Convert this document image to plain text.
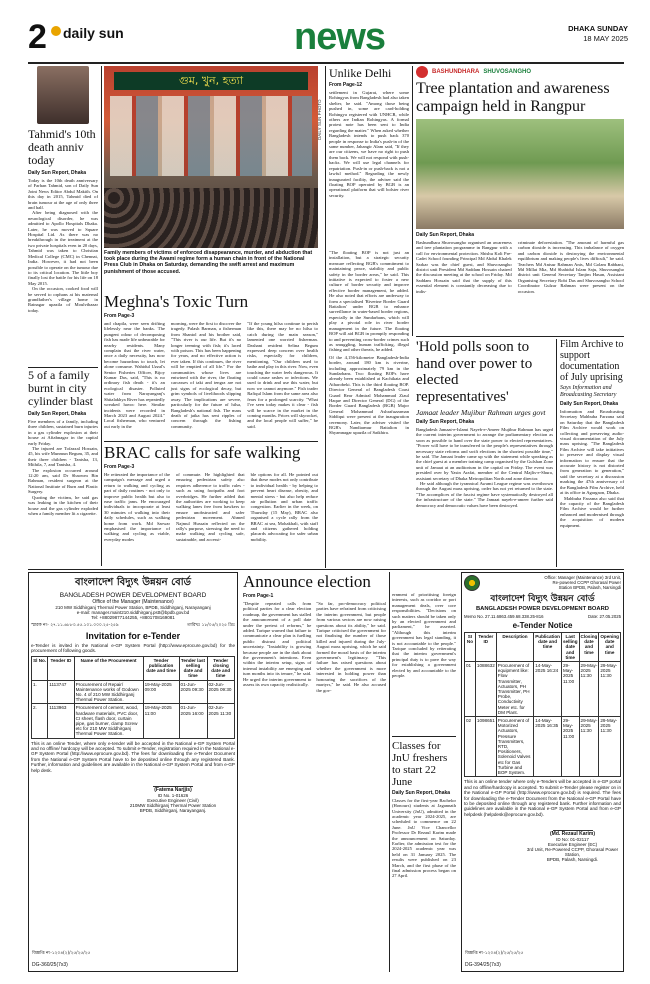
2 daily sun	news	DHAKA SUNDAY
18 MAY 2025
Tahmid's 10th death anniv today
Daily Sun Report, Dhaka

Today is the 10th death anniversary of Farhan Tahmid, son of Daily Sun Joint News Editor Abdul Makith. On this day in 2015, Tahmid died of brain tumour at the age of only three and half.

After being diagnosed with the neurological disorder, he was admitted to Apollo Hospitals Dhaka. Later, he was moved to Square Hospital Ltd. As there was no breakthrough in the treatment at the two private hospitals even in 20 days, Tahmid was taken to Christian Medical College (CMC) in Chennai, India. However, it had not been possible to operate on the tumour due to its critical location. The little boy finally lost the battle for his life on 18 May 2015.

On the occasion, cooked food will be served to orphans at his maternal grandfather's village home in Rainagar upazila of Moulvibazar today.

5 of a family burnt in city cylinder blast
Daily Sun Report, Dhaka

Five members of a family, including three children, sustained burn injuries in a gas cylinder explosion at their house at Aftabnagar in the capital early Friday.

The injured are Tofazzal Hossain, 45, his wife Munmun Begum, 35, and their three children - Tanisha, 13, Mithila, 7, and Tanisha, 4.

The explosion occurred around 12:20 am, said Dr Shaowm Bin Rahman, resident surgeon at the National Institute of Burn and Plastic Surgery.

Quoting the victims, he said gas was leaking in the kitchen of their house and the gas cylinder exploded when a family member lit a cigarette.

গুম, খুন, হত্যা
DAILY SUN PHOTO
Family members of victims of enforced disappearance, murder, and abduction that took place during the Awami regime form a human chain in front of the National Press Club in Dhaka on Saturday, demanding the swift arrest and maximum punishment of those accused.
Meghna's Toxic Turn
From Page-3

and chapila, were seen drifting lifelessly near the banks. The pungent odour of decomposing fish has made life unbearable for nearby residents. Many complain that the river water, once a daily necessity, has now become hazardous to touch, let alone consume. Wahidul Uzzal's Senior Fisheries Officer, Bijoy Kumar Das, said, "This is no ordinary fish death - it's an ecological disaster. Polluted water from Narayanganj's Shitalakhya River has repeatedly wreaked havoc here. Similar incidents were recorded in March 2023 and August 2024." Local fisherman, who ventured out early in the

morning, were the first to discover the tragedy. Palash Barman, a fisherman from Shantol and his brother said, "This river is our life. But it's no longer teeming with fish; it's laced with poison. This has been happening for years, and no effective action is ever taken. If this continues, the river will be emptied of all life." For the communities whose lives are entwined with the river, the floating carcasses of taki and tengra are not just signs of ecological decay, but grim symbols of livelihoods slipping away. The implications are severe, particularly for the future of hilsa, Bangladesh's national fish. The mass death of jatka has sent ripples of concern through the fishing community.

"If the young hilsa continue to perish like this, there may be no hilsa to catch during the main season," lamented one worried fisherman. Dashani resident Selina Begum expressed deep concern over health risks, especially for children, mentioning, "Our children used to bathe and play in this river. Now, even touching the water feels dangerous. It could cause rashes or infections. We used to drink and use this water, but now we cannot anymore." Fish trader Rafiqul Islam from the same area also fears for a prolonged scarcity. "What I've seen today makes it clear - fish will be scarce in the market in the coming months. Prices will skyrocket, and the local people will suffer," he said.

BRAC calls for safe walking
From Page-3

He reiterated the importance of the campaign's message and urged a return to walking and cycling as part of daily routines - not only to improve public health but also to ease traffic jams. He encouraged individuals to incorporate at least 30 minutes of walking into their daily schedules, such as walking home from work. Md Sarwar emphasised the importance of walking and cycling as viable, everyday modes

of commute. He highlighted that ensuring pedestrian safety also requires adherence to traffic rules - such as using footpaths and foot overbridges. He further added that the authorities are working to keep walking lanes free from hawkers to ensure unobstructed and safer pedestrian movement. Ahmed Najmul Hussain reflected on the rally's purpose, stressing the need to make walking and cycling safe, sustainable, and accessi-

ble options for all. He pointed out that these modes not only contribute to individual health - by helping to prevent heart disease, obesity, and mental stress - but also help reduce air pollution and urban traffic congestion. Earlier in the week, on Thursday (15 May), BRAC also organised a cycle rally from the BRAC at sea, Mohakhali, with staff and citizens gathered holding placards advocating for safer urban mobility.

Unlike Delhi
From Page-12

settlement in Gujarat, where some Rohingyas from Bangladesh had also taken shelter, he said. "Among those being pushed in, some are card-holding Rohingya registered with UNHCR, while others are Indian Rohingyas. A formal protest note has been sent to India regarding the matter." When asked whether Bangladesh intends to push back 370 people in response to India's push-in of the same number, Jahangir Alam said, "If they are our citizens, we have no right to push them back. We will not respond with push-backs. We will use legal channels for repatriation. Push-in or push-back is not a lawful method." Regarding the newly inaugurated facility, the adviser said the floating BOP operated by BGB is an operational platform that will bolster river security.

"The floating BOP is not just an installation, but a strategic security measure reflecting BGB's commitment to maintaining peace, stability and public safety in the border areas," he said. This initiative is expected to foster a new culture of border security and improve effective border management, he added. He also noted that efforts are underway to form a specialised 'Riverine Border Guard Battalion' under BGB to enhance surveillance in water-based border regions, especially in the Sundarbans, which will play a pivotal role in river border management in the future. The floating BOP will aid BGB in promptly responding to and preventing cross-border crimes such as smuggling, human trafficking, illegal fishing and other threats, he added.

Of the 4,156-kilometre Bangladesh-India border, around 180 km is riverine, including approximately 79 km in the Sundarbans. Two floating BOPs have already been established at Kachikata and Atharobeki. This is the third floating BOP. Director General of Bangladesh Coast Guard Rear Admiral Mohammad Ziaul Haque and Director General (DG) of the Border Guard Bangladesh (BGB) Major General Mohammad Ashrafuzzaman Siddiqui were present at the inauguration ceremony. Later, the adviser visited the BGB's Nandiarmur Battalion in Shyamnagar upazila of Satkhira.

BASHUNDHARA SHUVOSANGHO
Tree plantation and awareness campaign held in Rangpur
Daily Sun Report, Dhaka

Bashundhara Shuvosangho organised an awareness and tree plantation programme in Rangpur with a call for environmental protection. Shishu Koli Pre-Cadet School founding Principal Md Abdul Khalek Sarkar was the chief guest, and Shuvosangho district unit President Md Saddam Hossain chaired the discussion meeting at the school on Friday. Md Saddam Hossain said that the supply of this essential element is constantly decreasing due to indis-

criminate deforestation. "The amount of harmful gas carbon dioxide is increasing. This imbalance of oxygen and carbon dioxide is destroying the environmental equilibrium and making people's lives difficult," he said. Teachers Md Anisur Rahman Anis, Md Golam Rabbani, Md Millat Mia, Md Shahidul Islam Saju, Shuvosangho district unit General Secretary Tanjim Hasan, Assistant Organising Secretary Robi Das and Shuvosangho School Coordinator Gulzar Rahman were present on the occasion.

'Hold polls soon to hand over power to elected representatives'
Jamaat leader Mujibur Rahman urges govt
Daily Sun Report, Dhaka

Bangladesh Jamaat-e-Islami Nayeb-e-Ameer Mujibur Rahman has urged the current interim government to arrange the parliamentary election as soon as possible to hand over the state power to elected representatives. "Power will have to be transferred to the people's representatives through necessary state reforms and swift elections in the shortest possible time," he said. The Jamaat leader came up with the statement while speaking as the chief guest at a member training camp organised by the Gulshan Zone unit of Jamaat at an auditorium in the capital on Friday. The event was presided over by Yasin Arafat, member of the Central Majlis-e-Shura, assistant secretary of Dhaka Metropolitan North and zone director.

He said although the tyrannical Awami League regime was overthrown through the August mass uprising, order has not yet returned to the state. "The accomplices of the fascist regime have systematically destroyed all the infrastructure of the state." The Jamaat nayeb-e-ameer further said democracy and democratic values have been destroyed.

Film Archive to support documentation of July uprising
Says Information and Broadcasting Secretary
Daily Sun Report, Dhaka

Information and Broadcasting Secretary Mahbuba Farzana said on Saturday that the Bangladesh Film Archive would work on collecting and preserving audio-visual documentation of the July mass uprising. "The Bangladesh Film Archive will take initiatives to preserve and display visual information to ensure that the accurate history is not distorted from generation to generation," said the secretary at a discussion marking the 47th anniversary of the Bangladesh Film Archive, held at its office in Agargaon, Dhaka.

Mahbuba Farzana also said that the capacity of the Bangladesh Film Archive would be further enhanced and modernised through the acquisition of modern equipment.

বাংলাদেশ বিদ্যুৎ উন্নয়ন বোর্ড
BANGLADESH POWER DEVELOPMENT BOARD
Office of the Manager (Maintenance)
210 MW Siddhirganj Thermal Power Station, BPDB, Siddhirganj, Narayanganj
e-mail: manager.maint210.siddhirganj.pstt@bpdb.gov.bd
Tel: +88029877144255, +8801708169081
স্মারক নং- ২৭.১১.৬৮৮৩.৫৫.১০১.০০০.২৫-২৫৯	তারিখঃ ১৮/০৫/২০২৫ খ্রিঃ
Invitation for e-Tender
e-Tender is invited in the National e-GP System Portal (http://www.eprocure.gov.bd) for the procurement of following goods.
Sl No.	Tender ID	Name of the Procurement	Tender publication date and time	Tender last selling date and time	Tender closing date and time
1.	1113747	Procurement of Repair/ Maintenance works of Godown No. 4 of 210 MW Siddhirganj Thermal Power Station.	19-May-2025 09:00	01-Jun-2025 09:30	02-Jun-2025 09:30
2.	1113963	Procurement of cement, wood, hardware materials, PVC door, CI sheet, flash door, curtain pipe, gas burner, clamp Screw etc for 210 MW Siddhirganj Thermal Power Station.	19-May-2025 11:00	01-Jun-2025 16:00	02-Jun-2025 11:30
This is an online Tender, where only e-tender will be accepted in the National e-GP System Portal and no offline/ hardcopy will be accepted. To submit e-Tender, registration required in the National e-GP System Portal (http://www.eprocure.gov.bd). The fees for downloading the e-Tender Document from the National e-GP System Portal have to be deposited online through any registered Bank. Further, information and guidelines are available in the National e-GP System Portal and from e-GP help desk.
(Fatema Narjjis)
ID No. 1-01626
Executive Engineer (Civil)
210MW Siddhirganj Thermal Power Station
BPDB, Siddhirganj, Narayanganj.
বিজ্ঞপ্তি নং-১২০৪(২)/২৫/২৫/২৫
DG-360/25(7x3)
Announce election
From Page-1

"Despite repeated calls from political parties for a clear election roadmap, the government has stalled the announcement of a poll date under the pretext of reforms," he added. Tarique warned that failure to communicate a clear plan is fuelling public distrust and political uncertainty. "Instability is growing because people are in the dark about the government's intentions. Even within the interim setup, signs of internal instability are emerging and turn months into its tenure," he said. He urged the interim government to assess its own capacity realistically.

"So far, pro-democracy political parties have refrained from criticising the interim government, but people from various sectors are now raising questions about its ability," he said. Tarique criticised the government for not finalising the number of those killed and injured during the July-August mass uprising, which he said formed the moral basis of the interim government's legitimacy. "This failure has raised questions about whether the government is more interested in holding power than honouring the sacrifices of the martyrs," he said. He also accused the gov-

ernment of prioritising foreign interests, such as corridor or port management deals, over core responsibilities. "Decisions on such matters should be taken only by an elected government and parliament," he asserted. "Although this interim government has legal standing, it is not accountable to the people." Tarique concluded by reiterating that the interim government's principal duty is to pave the way for establishing a government elected by and accountable to the people.

Classes for JnU freshers to start 22 June
Daily Sun Report, Dhaka

Classes for the first-year Bachelor (Honours) students at Jagannath University (JnU), admitted in the academic year 2024-2025, are scheduled to commence on 22 June. JnU Vice Chancellor Professor Dr Rezaul Karim made the announcement on Saturday. Earlier, the admission test for the 2024-2025 academic year was held on 31 January 2025. The results were published on 23 March, and the first phase of the final admission process began on 27 April.

Office: Manager (Maintenance) 3rd Unit, Re-powered CCPP Ghorasal Power Station BPDB, Palash, Narsingdi
বাংলাদেশ বিদ্যুৎ উন্নয়ন বোর্ড
BANGLADESH POWER DEVELOPMENT BOARD
Memo No. 27.11.6863.459.68.338.25-816	Date: 27.05.2025
e-Tender Notice
SI No	Tender ID	Description	Publication date and time	Last selling date and time	Closing date and time	Opening date and time
01	1088632	Procurement of equipment like: Flow Transmitter, Actuators, PH Transmitter, PH Probe, Conductivity Meter etc. for DM Plant.	14-May-2025 16:24	29-May-2025 11:00	29-May-2025 11:30	29-May-2025 11:30
02	1098651	Procurement of Motorized Actuators, Pressure Transmitters, RTD, Positioners, Solenoid Valves etc for Gas Turbine and BOP System.	14-May-2025 16:35	29-May-2025 11:00	29-May-2025 11:30	29-May-2025 11:30
This is an online tender where only e-Tenders will be accepted in e-GP portal and no offline/hardcopy is accepted. To submit e-Tender please register on in the National e-GP Portal (http://www.eprocure.gov.bd) is required. The fees for downloading the e-Tender Document from the National e-GP Portal have to be deposited online through any registered bank. Further information and guidelines are available in the National e-GP System Portal and from e-GP helpdesk (helpdesk@eprocure.gov.bd).
(Md. Rezaul Karim)
ID No: 01-02117
Executive Engineer (EC)
3rd Unit, Re-Powered CCPP, Ghorasal Power Station,
BPDB, Palash, Narsingdi.
বিজ্ঞপ্তি নং-১২০৪(২)/২৫/২৫/২৫
DG-394/25(7x3)
